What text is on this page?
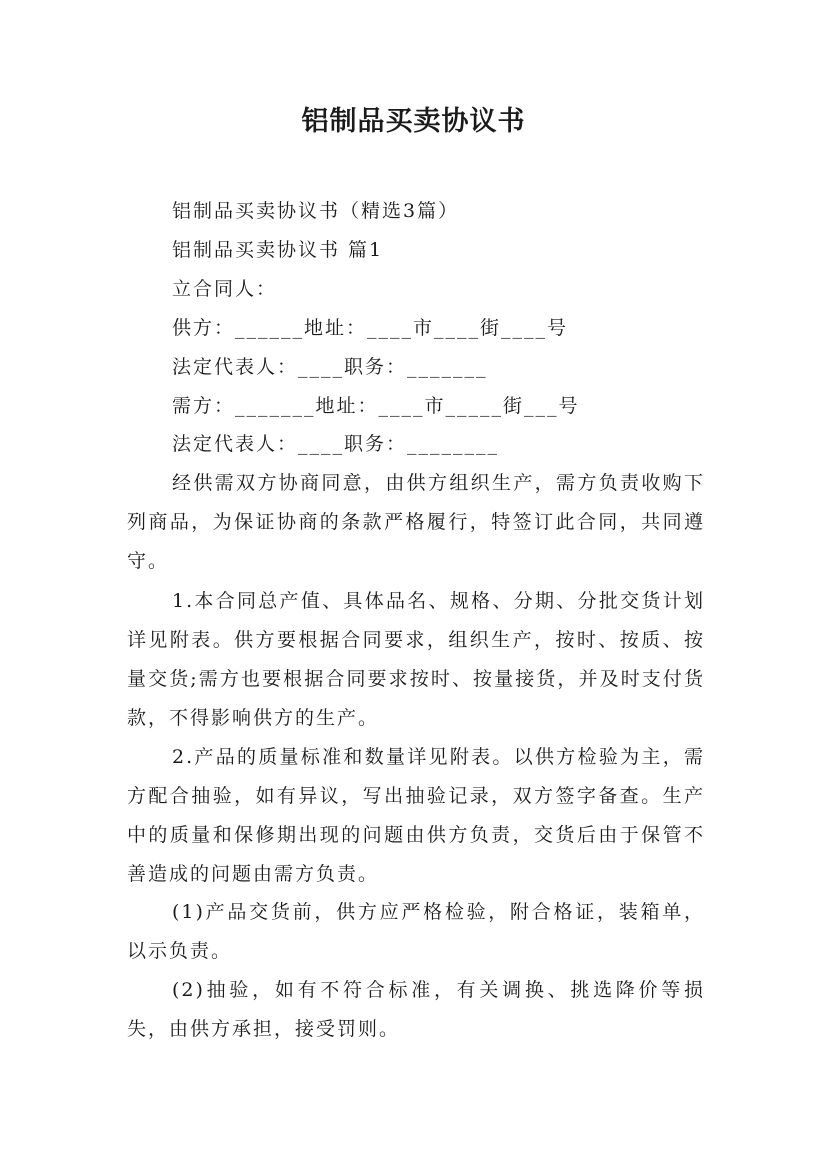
铝制品买卖协议书
铝制品买卖协议书（精选3篇）
铝制品买卖协议书 篇1
立合同人：
供方：______地址：____市____街____号
法定代表人：____职务：_______
需方：_______地址：____市_____街___号
法定代表人：____职务：________
经供需双方协商同意，由供方组织生产，需方负责收购下列商品，为保证协商的条款严格履行，特签订此合同，共同遵守。
1.本合同总产值、具体品名、规格、分期、分批交货计划详见附表。供方要根据合同要求，组织生产，按时、按质、按量交货;需方也要根据合同要求按时、按量接货，并及时支付货款，不得影响供方的生产。
2.产品的质量标准和数量详见附表。以供方检验为主，需方配合抽验，如有异议，写出抽验记录，双方签字备查。生产中的质量和保修期出现的问题由供方负责，交货后由于保管不善造成的问题由需方负责。
(1)产品交货前，供方应严格检验，附合格证，装箱单，以示负责。
(2)抽验，如有不符合标准，有关调换、挑选降价等损失，由供方承担，接受罚则。
